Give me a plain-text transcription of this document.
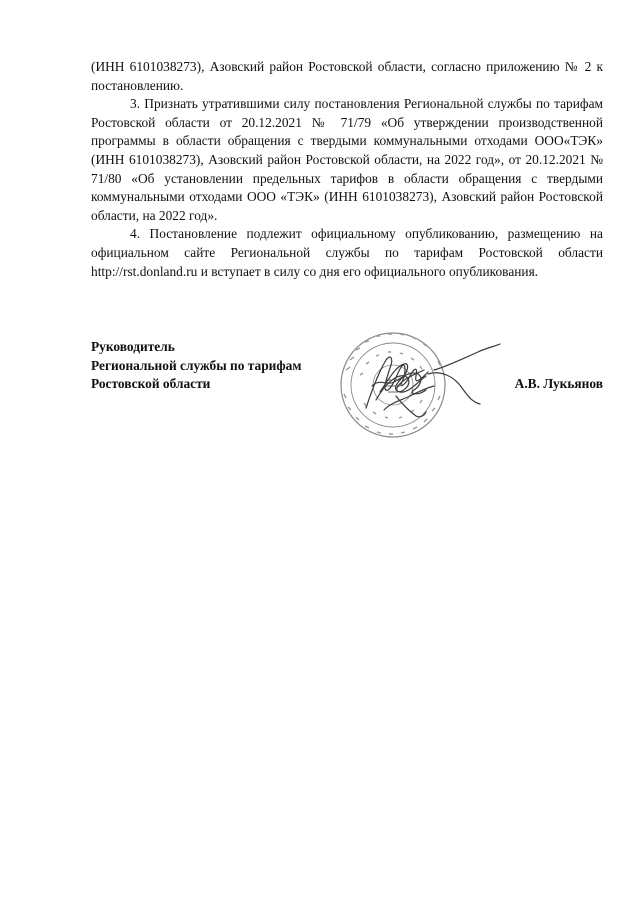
(ИНН 6101038273), Азовский район Ростовской области, согласно приложению № 2 к постановлению.

3. Признать утратившими силу постановления Региональной службы по тарифам Ростовской области от 20.12.2021 № 71/79 «Об утверждении производственной программы в области обращения с твердыми коммунальными отходами ООО«ТЭК» (ИНН 6101038273), Азовский район Ростовской области, на 2022 год», от 20.12.2021 № 71/80 «Об установлении предельных тарифов в области обращения с твердыми коммунальными отходами ООО «ТЭК» (ИНН 6101038273), Азовский район Ростовской области, на 2022 год».

4. Постановление подлежит официальному опубликованию, размещению на официальном сайте Региональной службы по тарифам Ростовской области http://rst.donland.ru и вступает в силу со дня его официального опубликования.

Руководитель
Региональной службы по тарифам
Ростовской области	А.В. Лукьянов
